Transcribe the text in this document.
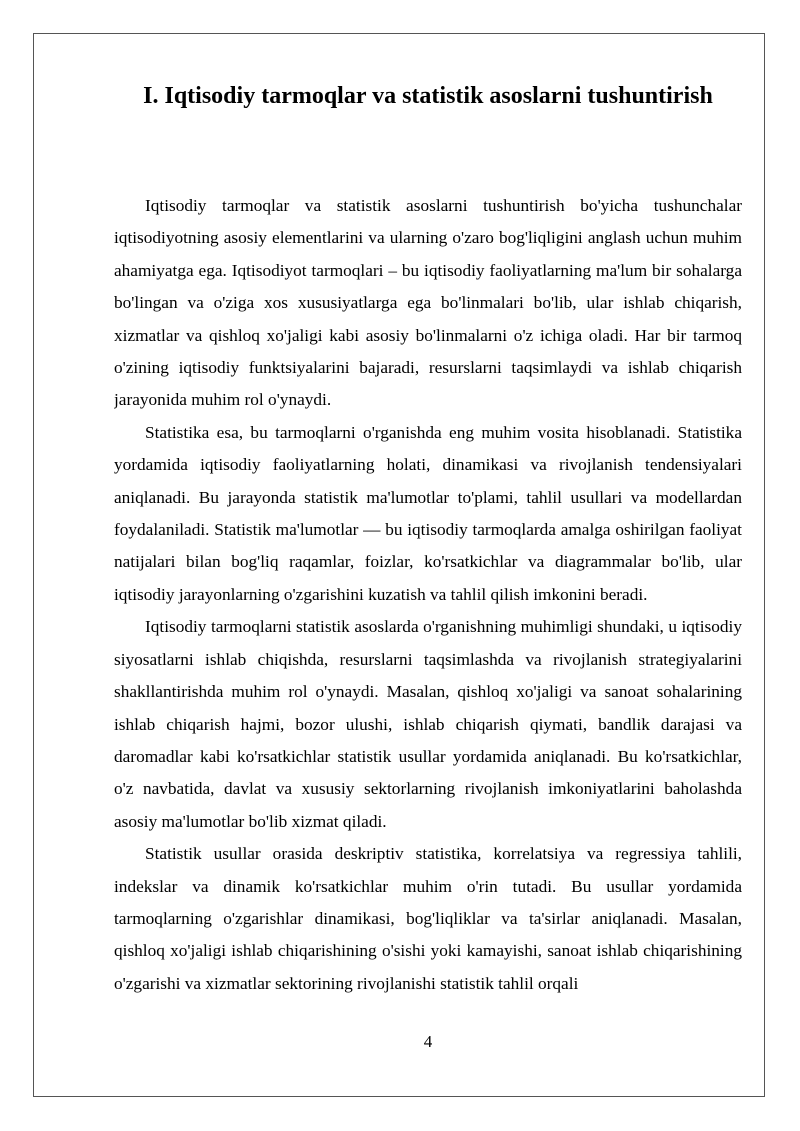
I. Iqtisodiy tarmoqlar va statistik asoslarni tushuntirish

Iqtisodiy tarmoqlar va statistik asoslarni tushuntirish bo'yicha tushunchalar iqtisodiyotning asosiy elementlarini va ularning o'zaro bog'liqligini anglash uchun muhim ahamiyatga ega. Iqtisodiyot tarmoqlari – bu iqtisodiy faoliyatlarning ma'lum bir sohalarga bo'lingan va o'ziga xos xususiyatlarga ega bo'linmalari bo'lib, ular ishlab chiqarish, xizmatlar va qishloq xo'jaligi kabi asosiy bo'linmalarni o'z ichiga oladi. Har bir tarmoq o'zining iqtisodiy funktsiyalarini bajaradi, resurslarni taqsimlaydi va ishlab chiqarish jarayonida muhim rol o'ynaydi.

Statistika esa, bu tarmoqlarni o'rganishda eng muhim vosita hisoblanadi. Statistika yordamida iqtisodiy faoliyatlarning holati, dinamikasi va rivojlanish tendensiyalari aniqlanadi. Bu jarayonda statistik ma'lumotlar to'plami, tahlil usullari va modellardan foydalaniladi. Statistik ma'lumotlar — bu iqtisodiy tarmoqlarda amalga oshirilgan faoliyat natijalari bilan bog'liq raqamlar, foizlar, ko'rsatkichlar va diagrammalar bo'lib, ular iqtisodiy jarayonlarning o'zgarishini kuzatish va tahlil qilish imkonini beradi.

Iqtisodiy tarmoqlarni statistik asoslarda o'rganishning muhimligi shundaki, u iqtisodiy siyosatlarni ishlab chiqishda, resurslarni taqsimlashda va rivojlanish strategiyalarini shakllantirishda muhim rol o'ynaydi. Masalan, qishloq xo'jaligi va sanoat sohalarining ishlab chiqarish hajmi, bozor ulushi, ishlab chiqarish qiymati, bandlik darajasi va daromadlar kabi ko'rsatkichlar statistik usullar yordamida aniqlanadi. Bu ko'rsatkichlar, o'z navbatida, davlat va xususiy sektorlarning rivojlanish imkoniyatlarini baholashda asosiy ma'lumotlar bo'lib xizmat qiladi.

Statistik usullar orasida deskriptiv statistika, korrelatsiya va regressiya tahlili, indekslar va dinamik ko'rsatkichlar muhim o'rin tutadi. Bu usullar yordamida tarmoqlarning o'zgarishlar dinamikasi, bog'liqliklar va ta'sirlar aniqlanadi. Masalan, qishloq xo'jaligi ishlab chiqarishining o'sishi yoki kamayishi, sanoat ishlab chiqarishining o'zgarishi va xizmatlar sektorining rivojlanishi statistik tahlil orqali

4
